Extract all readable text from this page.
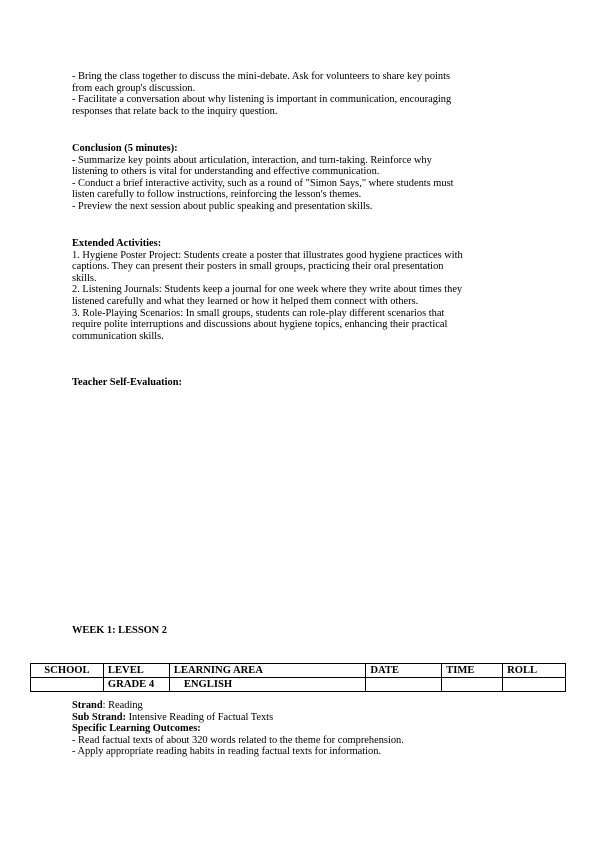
- Bring the class together to discuss the mini-debate. Ask for volunteers to share key points
from each group's discussion.
- Facilitate a conversation about why listening is important in communication, encouraging
responses that relate back to the inquiry question.
Conclusion (5 minutes):
- Summarize key points about articulation, interaction, and turn-taking. Reinforce why
listening to others is vital for understanding and effective communication.
- Conduct a brief interactive activity, such as a round of "Simon Says," where students must
listen carefully to follow instructions, reinforcing the lesson's themes.
- Preview the next session about public speaking and presentation skills.
Extended Activities:
1. Hygiene Poster Project: Students create a poster that illustrates good hygiene practices with
captions. They can present their posters in small groups, practicing their oral presentation
skills.
2. Listening Journals: Students keep a journal for one week where they write about times they
listened carefully and what they learned or how it helped them connect with others.
3. Role-Playing Scenarios: In small groups, students can role-play different scenarios that
require polite interruptions and discussions about hygiene topics, enhancing their practical
communication skills.
Teacher Self-Evaluation:
WEEK 1: LESSON 2
SCHOOL	LEVEL	LEARNING AREA	DATE	TIME	ROLL
	GRADE 4	ENGLISH			
Strand: Reading
Sub Strand: Intensive Reading of Factual Texts
Specific Learning Outcomes:
- Read factual texts of about 320 words related to the theme for comprehension.
- Apply appropriate reading habits in reading factual texts for information.
